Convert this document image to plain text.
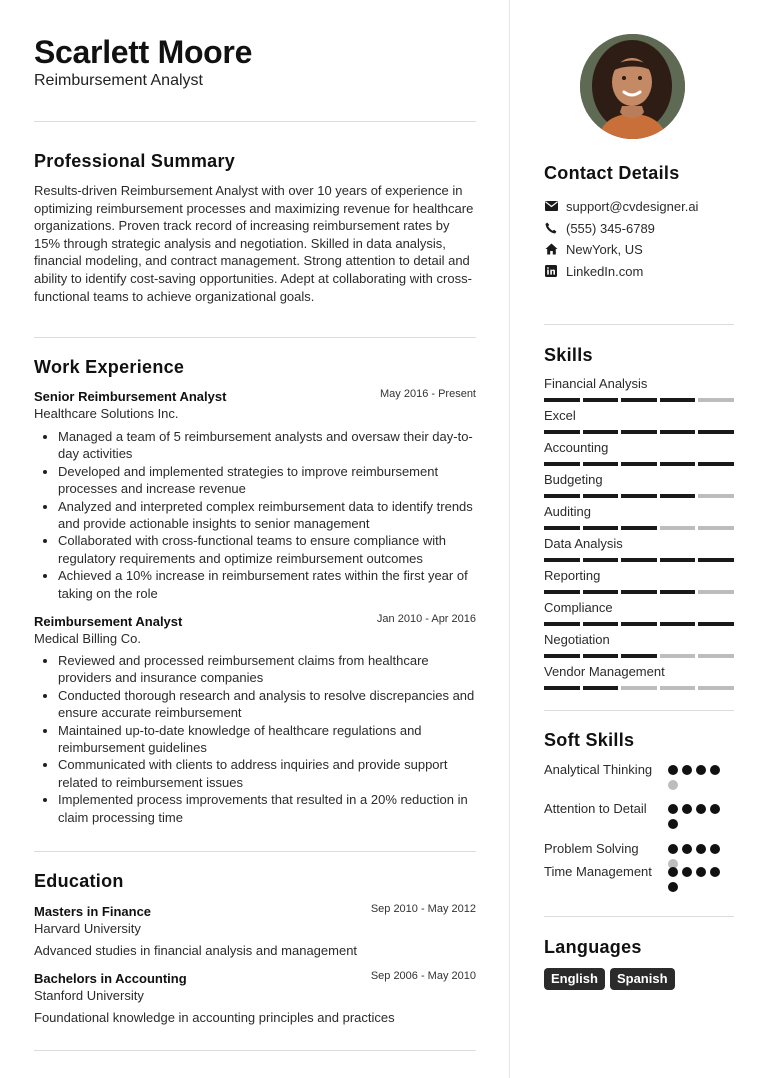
Scarlett Moore
Reimbursement Analyst
Professional Summary
Results-driven Reimbursement Analyst with over 10 years of experience in optimizing reimbursement processes and maximizing revenue for healthcare organizations. Proven track record of increasing reimbursement rates by 15% through strategic analysis and negotiation. Skilled in data analysis, financial modeling, and contract management. Strong attention to detail and ability to identify cost-saving opportunities. Adept at collaborating with cross-functional teams to achieve organizational goals.
Work Experience
Senior Reimbursement Analyst	May 2016 - Present
Healthcare Solutions Inc.
Managed a team of 5 reimbursement analysts and oversaw their day-to-day activities
Developed and implemented strategies to improve reimbursement processes and increase revenue
Analyzed and interpreted complex reimbursement data to identify trends and provide actionable insights to senior management
Collaborated with cross-functional teams to ensure compliance with regulatory requirements and optimize reimbursement outcomes
Achieved a 10% increase in reimbursement rates within the first year of taking on the role
Reimbursement Analyst	Jan 2010 - Apr 2016
Medical Billing Co.
Reviewed and processed reimbursement claims from healthcare providers and insurance companies
Conducted thorough research and analysis to resolve discrepancies and ensure accurate reimbursement
Maintained up-to-date knowledge of healthcare regulations and reimbursement guidelines
Communicated with clients to address inquiries and provide support related to reimbursement issues
Implemented process improvements that resulted in a 20% reduction in claim processing time
Education
Masters in Finance	Sep 2010 - May 2012
Harvard University
Advanced studies in financial analysis and management
Bachelors in Accounting	Sep 2006 - May 2010
Stanford University
Foundational knowledge in accounting principles and practices
Contact Details
support@cvdesigner.ai
(555) 345-6789
NewYork, US
LinkedIn.com
Skills
Financial Analysis
Excel
Accounting
Budgeting
Auditing
Data Analysis
Reporting
Compliance
Negotiation
Vendor Management
Soft Skills
Analytical Thinking
Attention to Detail
Problem Solving
Time Management
Languages
English	Spanish
